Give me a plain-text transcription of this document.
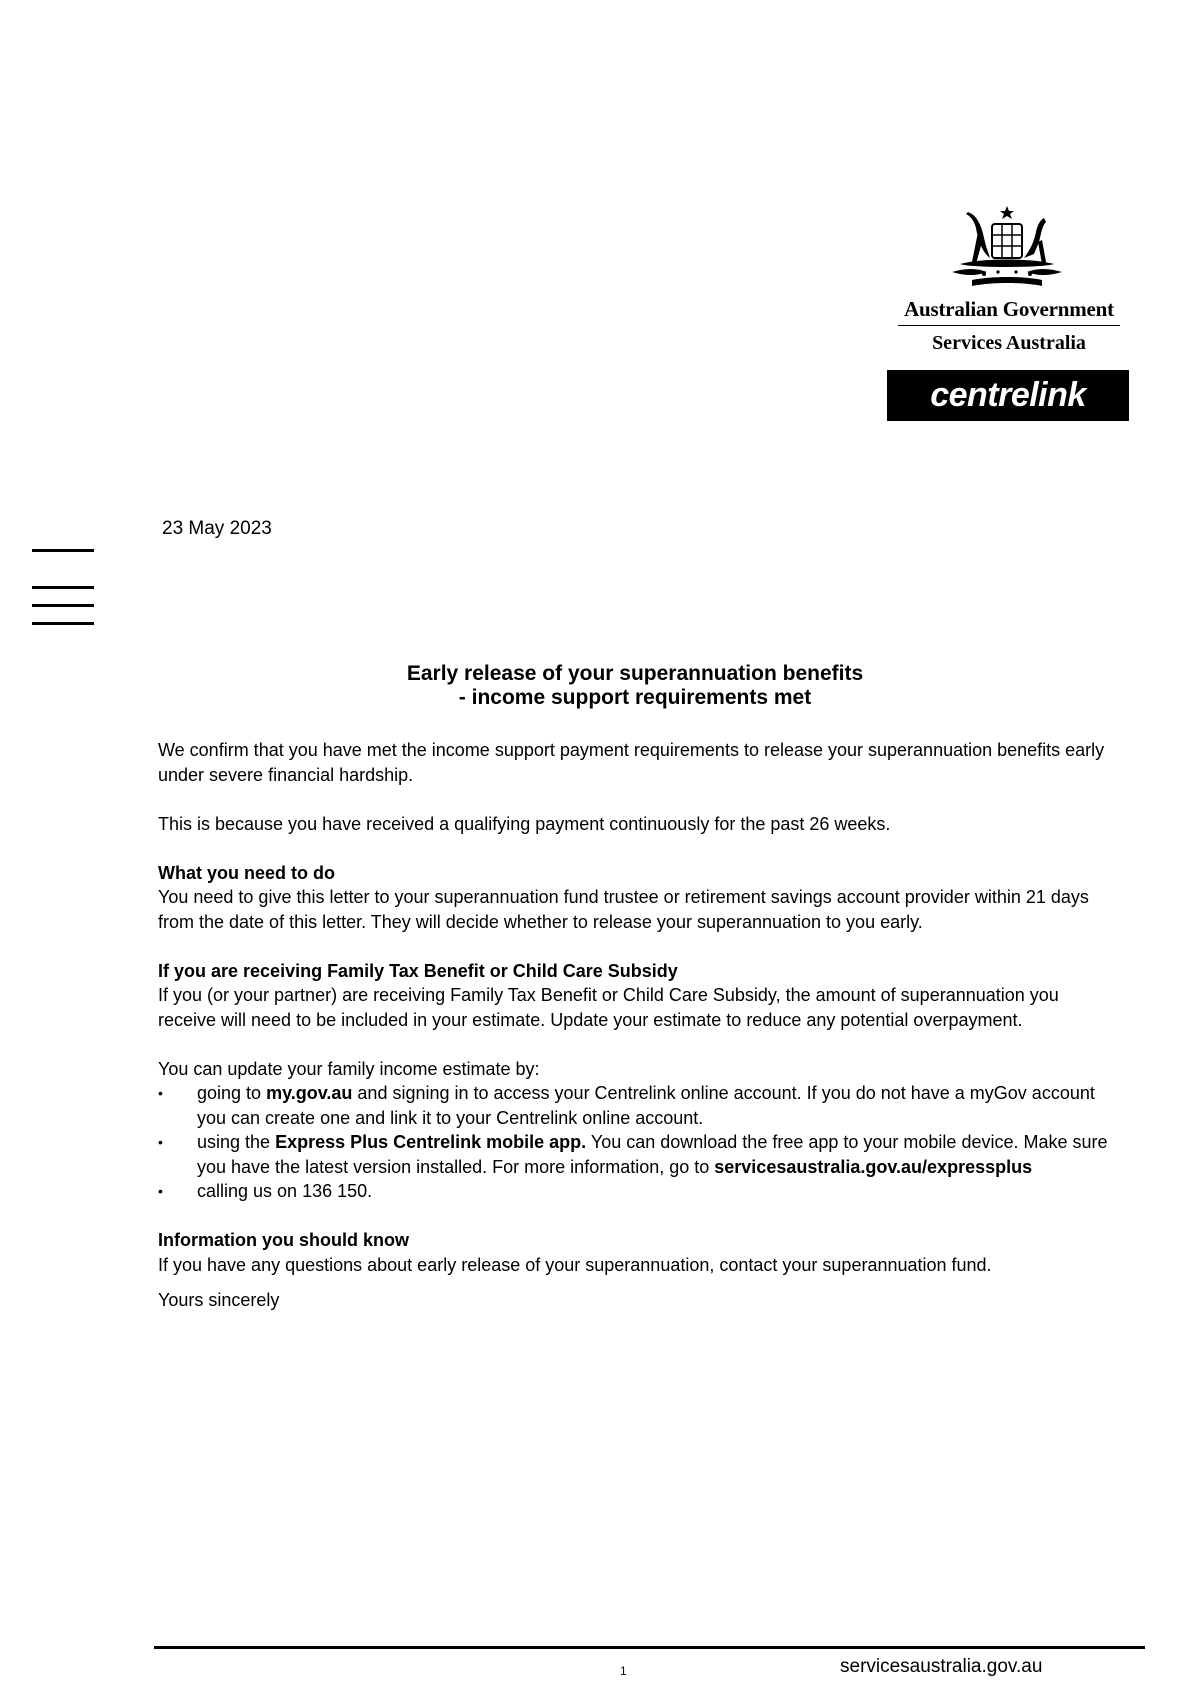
Australian Government
Services Australia
centrelink
23 May 2023
Early release of your superannuation benefits
- income support requirements met

We confirm that you have met the income support payment requirements to release your superannuation benefits early under severe financial hardship.

This is because you have received a qualifying payment continuously for the past 26 weeks.

What you need to do
You need to give this letter to your superannuation fund trustee or retirement savings account provider within 21 days from the date of this letter. They will decide whether to release your superannuation to you early.

If you are receiving Family Tax Benefit or Child Care Subsidy
If you (or your partner) are receiving Family Tax Benefit or Child Care Subsidy, the amount of superannuation you receive will need to be included in your estimate. Update your estimate to reduce any potential overpayment.

You can update your family income estimate by:
• going to my.gov.au and signing in to access your Centrelink online account. If you do not have a myGov account you can create one and link it to your Centrelink online account.
• using the Express Plus Centrelink mobile app. You can download the free app to your mobile device. Make sure you have the latest version installed. For more information, go to servicesaustralia.gov.au/expressplus
• calling us on 136 150.

Information you should know
If you have any questions about early release of your superannuation, contact your superannuation fund.

Yours sincerely
1	servicesaustralia.gov.au
